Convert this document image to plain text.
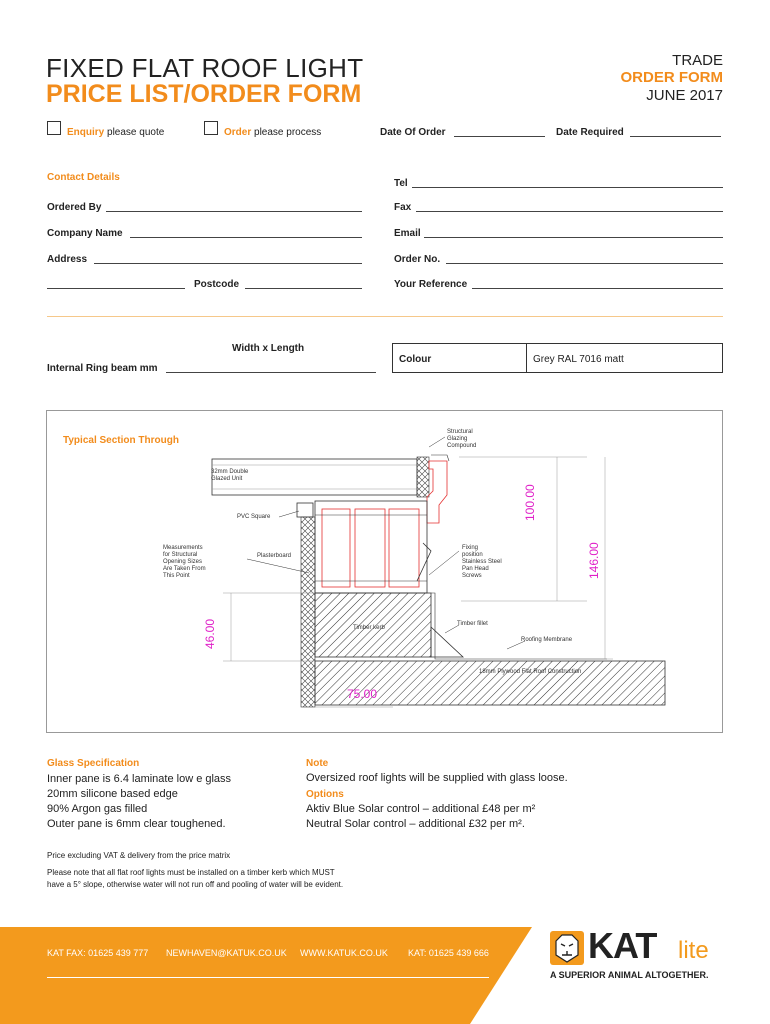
FIXED FLAT ROOF LIGHT
PRICE LIST/ORDER FORM
TRADE
ORDER FORM
JUNE 2017
Enquiry please quote	Order please process	Date Of Order	Date Required
Contact Details
Tel
Ordered By	Fax
Company Name	Email
Address	Order No.
Postcode	Your Reference
Width x Length
Internal Ring beam mm
Colour	Grey RAL 7016 matt
Typical Section Through
Structural
Glazing
Compound
32mm Double
Glazed Unit
PVC Square
Measurements
for Structural
Opening Sizes
Are Taken From
This Point
Plasterboard
Fixing
position
Stainless Steel
Pan Head
Screws
Timber kerb
Timber fillet
Roofing Membrane
18mm Plywood Flat Roof Construction
100.00
146.00
46.00
75.00
Glass Specification
Inner pane is 6.4 laminate low e glass
20mm silicone based edge
90% Argon gas filled
Outer pane is 6mm clear toughened.
Note
Oversized roof lights will be supplied with glass loose.
Options
Aktiv Blue Solar control – additional £48 per m²
Neutral Solar control – additional £32 per m².
Price excluding VAT & delivery from the price matrix
Please note that all flat roof lights must be installed on a timber kerb which MUST
have a 5° slope, otherwise water will not run off and pooling of water will be evident.
KAT FAX: 01625 439 777 NEWHAVEN@KATUK.CO.UK WWW.KATUK.CO.UK KAT: 01625 439 666	KAT lite
A SUPERIOR ANIMAL ALTOGETHER.
